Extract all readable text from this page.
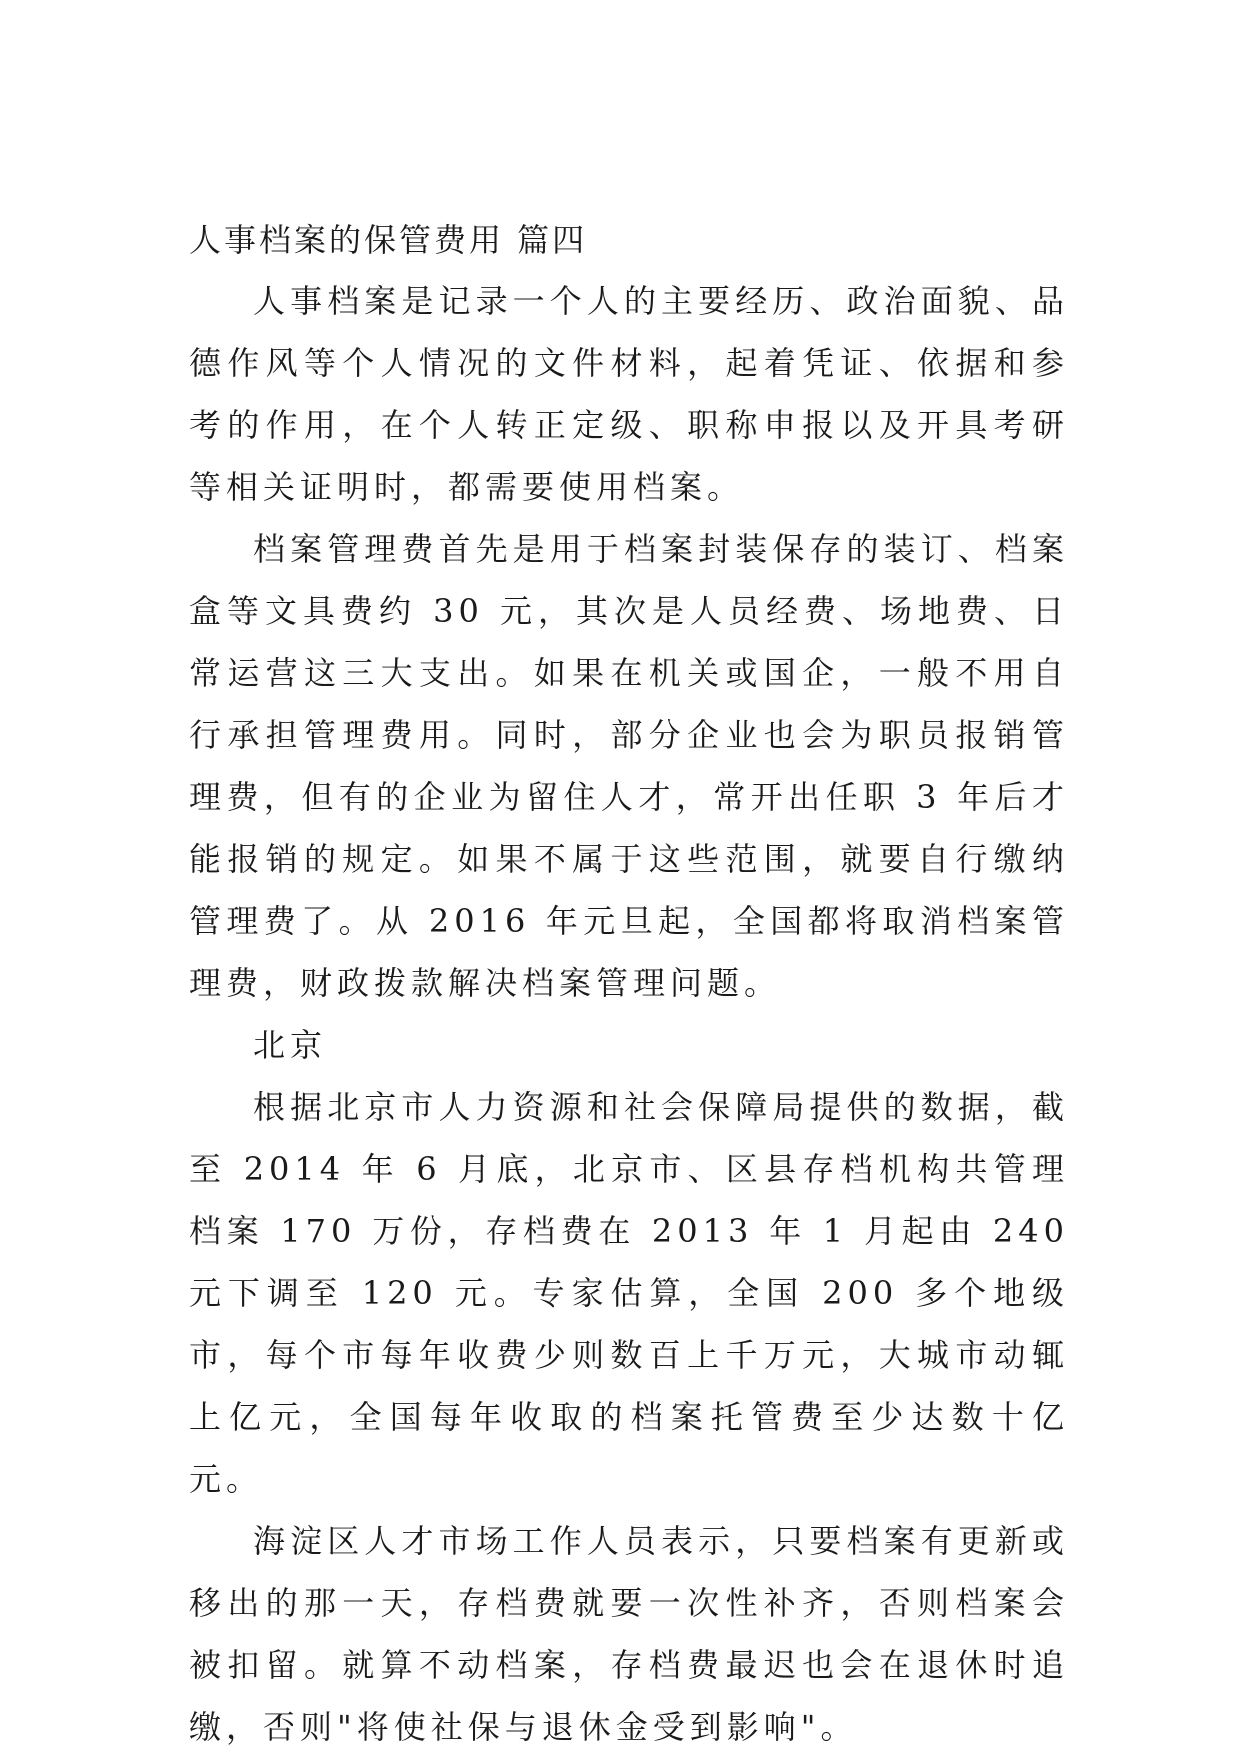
人事档案的保管费用 篇四

人事档案是记录一个人的主要经历、政治面貌、品德作风等个人情况的文件材料，起着凭证、依据和参考的作用，在个人转正定级、职称申报以及开具考研等相关证明时，都需要使用档案。

档案管理费首先是用于档案封装保存的装订、档案盒等文具费约 30 元，其次是人员经费、场地费、日常运营这三大支出。如果在机关或国企，一般不用自行承担管理费用。同时，部分企业也会为职员报销管理费，但有的企业为留住人才，常开出任职 3 年后才能报销的规定。如果不属于这些范围，就要自行缴纳管理费了。从 2016 年元旦起，全国都将取消档案管理费，财政拨款解决档案管理问题。

北京

根据北京市人力资源和社会保障局提供的数据，截至 2014 年 6 月底，北京市、区县存档机构共管理档案 170 万份，存档费在 2013 年 1 月起由 240 元下调至 120 元。专家估算，全国 200 多个地级市，每个市每年收费少则数百上千万元，大城市动辄上亿元，全国每年收取的档案托管费至少达数十亿元。

海淀区人才市场工作人员表示，只要档案有更新或移出的那一天，存档费就要一次性补齐，否则档案会被扣留。就算不动档案，存档费最迟也会在退休时追缴，否则"将使社保与退休金受到影响"。
